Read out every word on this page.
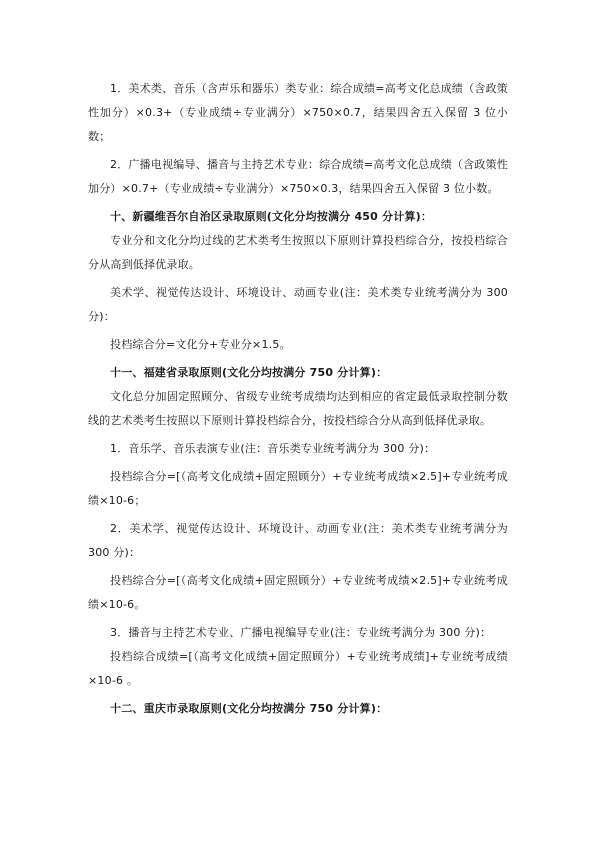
1．美术类、音乐（含声乐和器乐）类专业：综合成绩=高考文化总成绩（含政策性加分）×0.3+（专业成绩÷专业满分）×750×0.7，结果四舍五入保留 3 位小数；

2．广播电视编导、播音与主持艺术专业：综合成绩=高考文化总成绩（含政策性加分）×0.7+（专业成绩÷专业满分）×750×0.3，结果四舍五入保留 3 位小数。

十、新疆维吾尔自治区录取原则(文化分均按满分 450 分计算)：

专业分和文化分均过线的艺术类考生按照以下原则计算投档综合分，按投档综合分从高到低择优录取。

美术学、视觉传达设计、环境设计、动画专业(注：美术类专业统考满分为 300 分)：

投档综合分=文化分+专业分×1.5。

十一、福建省录取原则(文化分均按满分 750 分计算)：

文化总分加固定照顾分、省级专业统考成绩均达到相应的省定最低录取控制分数线的艺术类考生按照以下原则计算投档综合分，按投档综合分从高到低择优录取。

1．音乐学、音乐表演专业(注：音乐类专业统考满分为 300 分)：

投档综合分=[（高考文化成绩+固定照顾分）+专业统考成绩×2.5]+专业统考成绩×10-6；

2．美术学、视觉传达设计、环境设计、动画专业(注：美术类专业统考满分为 300 分)：

投档综合分=[（高考文化成绩+固定照顾分）+专业统考成绩×2.5]+专业统考成绩×10-6。

3．播音与主持艺术专业、广播电视编导专业(注：专业统考满分为 300 分)：

投档综合成绩=[（高考文化成绩+固定照顾分）+专业统考成绩]+专业统考成绩×10-6 。

十二、重庆市录取原则(文化分均按满分 750 分计算)：
